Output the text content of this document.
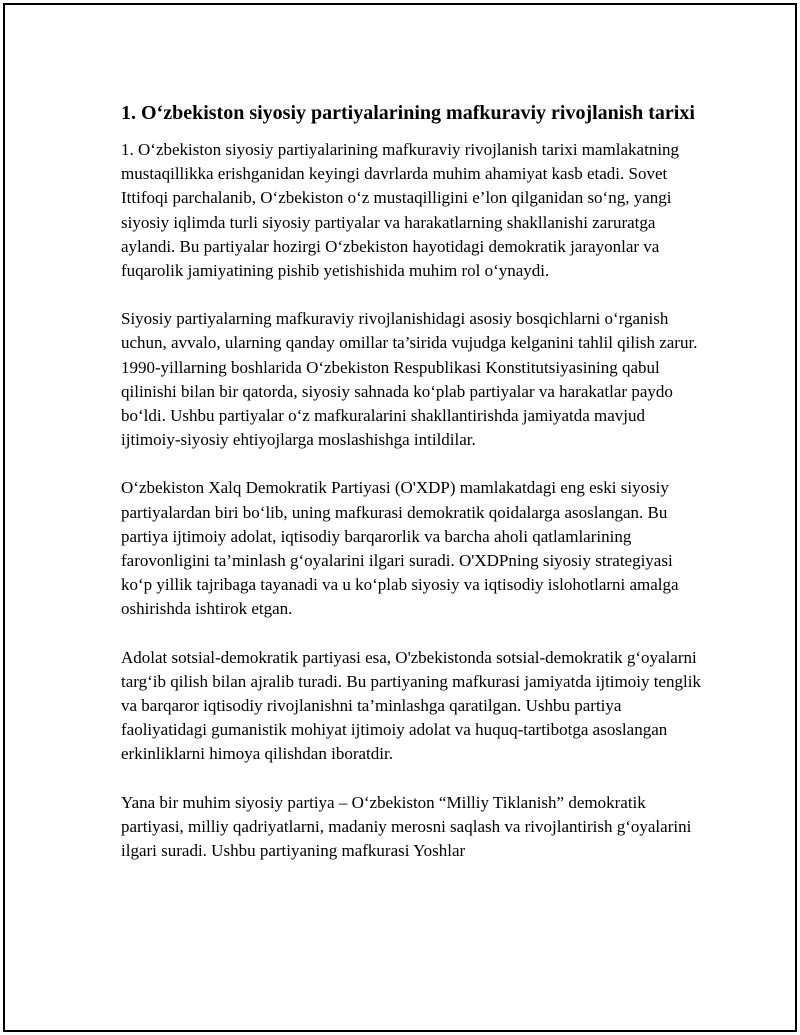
1. O‘zbekiston siyosiy partiyalarining mafkuraviy rivojlanish tarixi

1. O‘zbekiston siyosiy partiyalarining mafkuraviy rivojlanish tarixi mamlakatning mustaqillikka erishganidan keyingi davrlarda muhim ahamiyat kasb etadi. Sovet Ittifoqi parchalanib, O‘zbekiston o‘z mustaqilligini e’lon qilganidan so‘ng, yangi siyosiy iqlimda turli siyosiy partiyalar va harakatlarning shakllanishi zaruratga aylandi. Bu partiyalar hozirgi O‘zbekiston hayotidagi demokratik jarayonlar va fuqarolik jamiyatining pishib yetishishida muhim rol o‘ynaydi.

Siyosiy partiyalarning mafkuraviy rivojlanishidagi asosiy bosqichlarni o‘rganish uchun, avvalo, ularning qanday omillar ta’sirida vujudga kelganini tahlil qilish zarur. 1990-yillarning boshlarida O‘zbekiston Respublikasi Konstitutsiyasining qabul qilinishi bilan bir qatorda, siyosiy sahnada ko‘plab partiyalar va harakatlar paydo bo‘ldi. Ushbu partiyalar o‘z mafkuralarini shakllantirishda jamiyatda mavjud ijtimoiy-siyosiy ehtiyojlarga moslashishga intildilar.

O‘zbekiston Xalq Demokratik Partiyasi (O'XDP) mamlakatdagi eng eski siyosiy partiyalardan biri bo‘lib, uning mafkurasi demokratik qoidalarga asoslangan. Bu partiya ijtimoiy adolat, iqtisodiy barqarorlik va barcha aholi qatlamlarining farovonligini ta’minlash g‘oyalarini ilgari suradi. O'XDPning siyosiy strategiyasi ko‘p yillik tajribaga tayanadi va u ko‘plab siyosiy va iqtisodiy islohotlarni amalga oshirishda ishtirok etgan.

Adolat sotsial-demokratik partiyasi esa, O'zbekistonda sotsial-demokratik g‘oyalarni targ‘ib qilish bilan ajralib turadi. Bu partiyaning mafkurasi jamiyatda ijtimoiy tenglik va barqaror iqtisodiy rivojlanishni ta’minlashga qaratilgan. Ushbu partiya faoliyatidagi gumanistik mohiyat ijtimoiy adolat va huquq-tartibotga asoslangan erkinliklarni himoya qilishdan iboratdir.

Yana bir muhim siyosiy partiya – O‘zbekiston “Milliy Tiklanish” demokratik partiyasi, milliy qadriyatlarni, madaniy merosni saqlash va rivojlantirish g‘oyalarini ilgari suradi. Ushbu partiyaning mafkurasi Yoshlar
